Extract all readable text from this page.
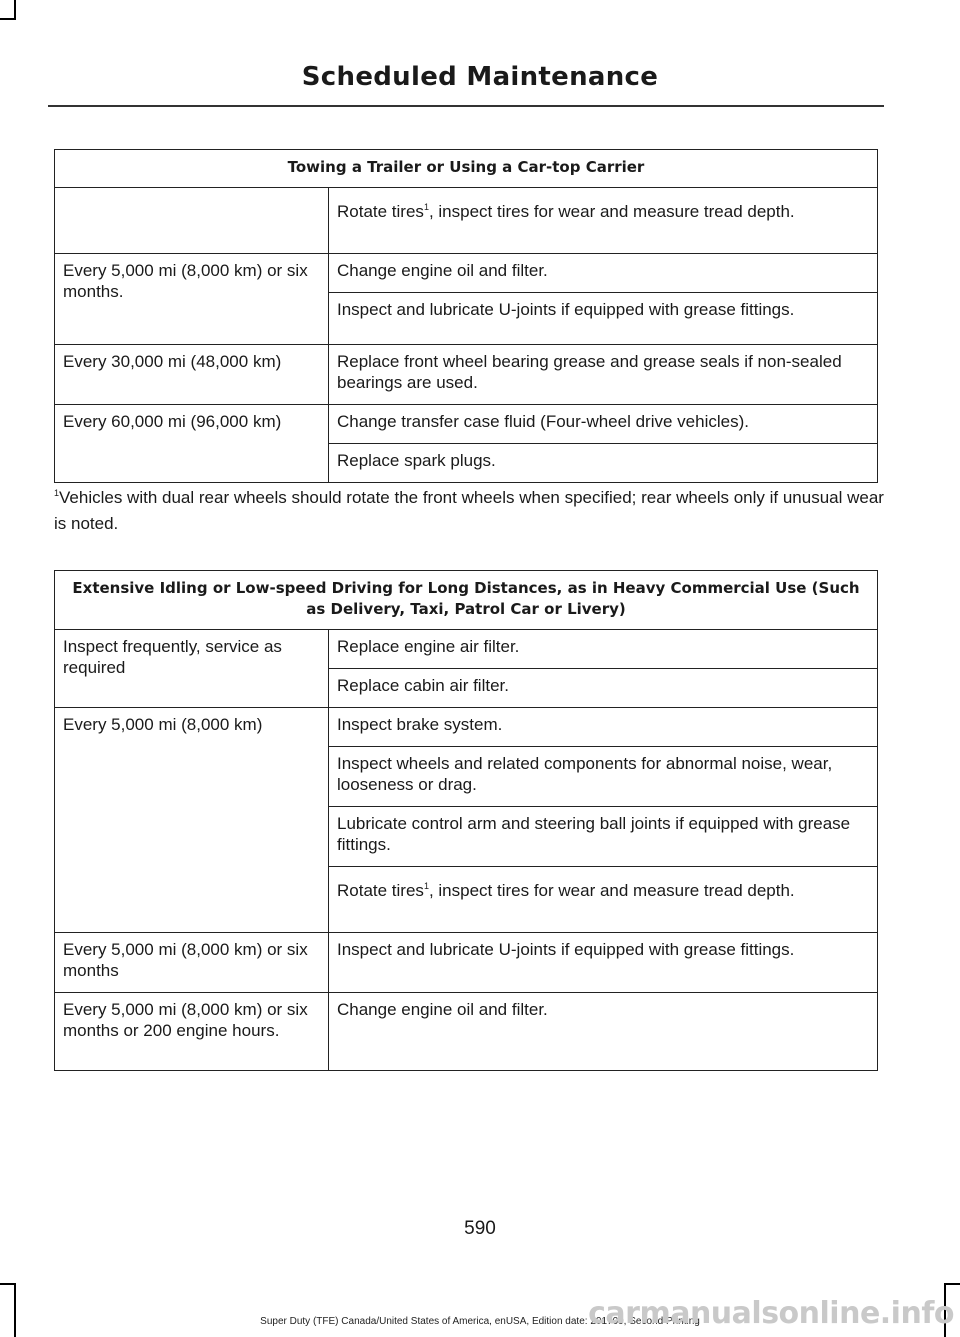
Scheduled Maintenance
Towing a Trailer or Using a Car-top Carrier	
	Rotate tires$^1$, inspect tires for wear and measure tread depth.
Every 5,000 mi (8,000 km) or six months.	Change engine oil and filter.
	Inspect and lubricate U-joints if equipped with grease fittings.
Every 30,000 mi (48,000 km)	Replace front wheel bearing grease and grease seals if non-sealed bearings are used.
Every 60,000 mi (96,000 km)	Change transfer case fluid (Four-wheel drive vehicles).
	Replace spark plugs.
$^1$Vehicles with dual rear wheels should rotate the front wheels when specified; rear wheels only if unusual wear is noted.
Extensive Idling or Low-speed Driving for Long Distances, as in Heavy Commercial Use (Such as Delivery, Taxi, Patrol Car or Livery)	
Inspect frequently, service as required	Replace engine air filter.
	Replace cabin air filter.
Every 5,000 mi (8,000 km)	Inspect brake system.
	Inspect wheels and related components for abnormal noise, wear, looseness or drag.
	Lubricate control arm and steering ball joints if equipped with grease fittings.
	Rotate tires$^1$, inspect tires for wear and measure tread depth.
Every 5,000 mi (8,000 km) or six months	Inspect and lubricate U-joints if equipped with grease fittings.
Every 5,000 mi (8,000 km) or six months or 200 engine hours.	Change engine oil and filter.
590
Super Duty (TFE) Canada/United States of America, enUSA, Edition date: 201709, Second Printing
carmanualsonline.info
